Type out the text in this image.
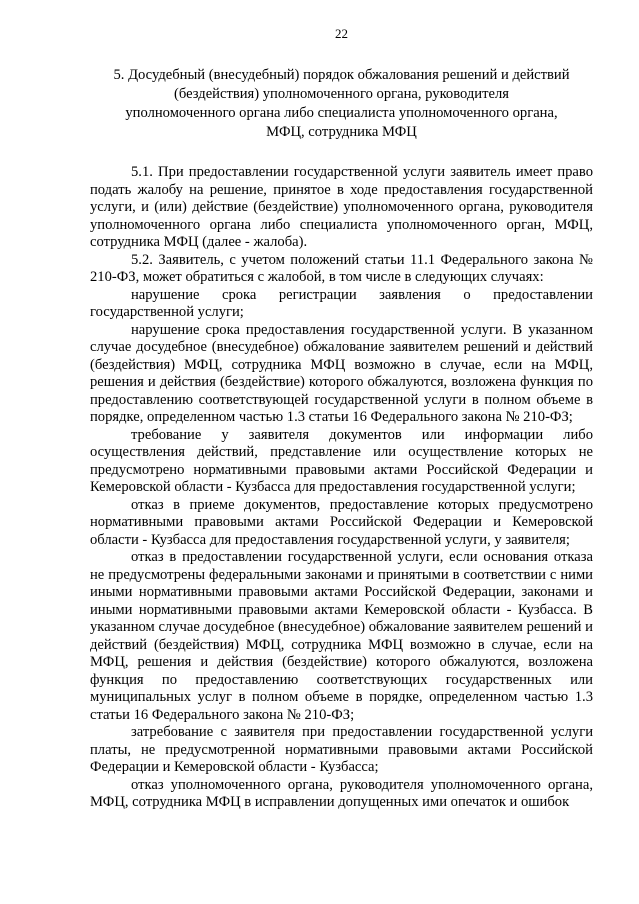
22
5. Досудебный (внесудебный) порядок обжалования решений и действий
(бездействия) уполномоченного органа, руководителя
уполномоченного органа либо специалиста уполномоченного органа,
МФЦ, сотрудника МФЦ

5.1. При предоставлении государственной услуги заявитель имеет право подать жалобу на решение, принятое в ходе предоставления государственной услуги, и (или) действие (бездействие) уполномоченного органа, руководителя уполномоченного органа либо специалиста уполномоченного орган, МФЦ, сотрудника МФЦ (далее - жалоба).

5.2. Заявитель, с учетом положений статьи 11.1 Федерального закона № 210-ФЗ, может обратиться с жалобой, в том числе в следующих случаях:

нарушение срока регистрации заявления о предоставлении государственной услуги;

нарушение срока предоставления государственной услуги. В указанном случае досудебное (внесудебное) обжалование заявителем решений и действий (бездействия) МФЦ, сотрудника МФЦ возможно в случае, если на МФЦ, решения и действия (бездействие) которого обжалуются, возложена функция по предоставлению соответствующей государственной услуги в полном объеме в порядке, определенном частью 1.3 статьи 16 Федерального закона № 210-ФЗ;

требование у заявителя документов или информации либо осуществления действий, представление или осуществление которых не предусмотрено нормативными правовыми актами Российской Федерации и Кемеровской области - Кузбасса для предоставления государственной услуги;

отказ в приеме документов, предоставление которых предусмотрено нормативными правовыми актами Российской Федерации и Кемеровской области - Кузбасса для предоставления государственной услуги, у заявителя;

отказ в предоставлении государственной услуги, если основания отказа не предусмотрены федеральными законами и принятыми в соответствии с ними иными нормативными правовыми актами Российской Федерации, законами и иными нормативными правовыми актами Кемеровской области - Кузбасса. В указанном случае досудебное (внесудебное) обжалование заявителем решений и действий (бездействия) МФЦ, сотрудника МФЦ возможно в случае, если на МФЦ, решения и действия (бездействие) которого обжалуются, возложена функция по предоставлению соответствующих государственных или муниципальных услуг в полном объеме в порядке, определенном частью 1.3 статьи 16 Федерального закона № 210-ФЗ;

затребование с заявителя при предоставлении государственной услуги платы, не предусмотренной нормативными правовыми актами Российской Федерации и Кемеровской области - Кузбасса;

отказ уполномоченного органа, руководителя уполномоченного органа, МФЦ, сотрудника МФЦ в исправлении допущенных ими опечаток и ошибок
